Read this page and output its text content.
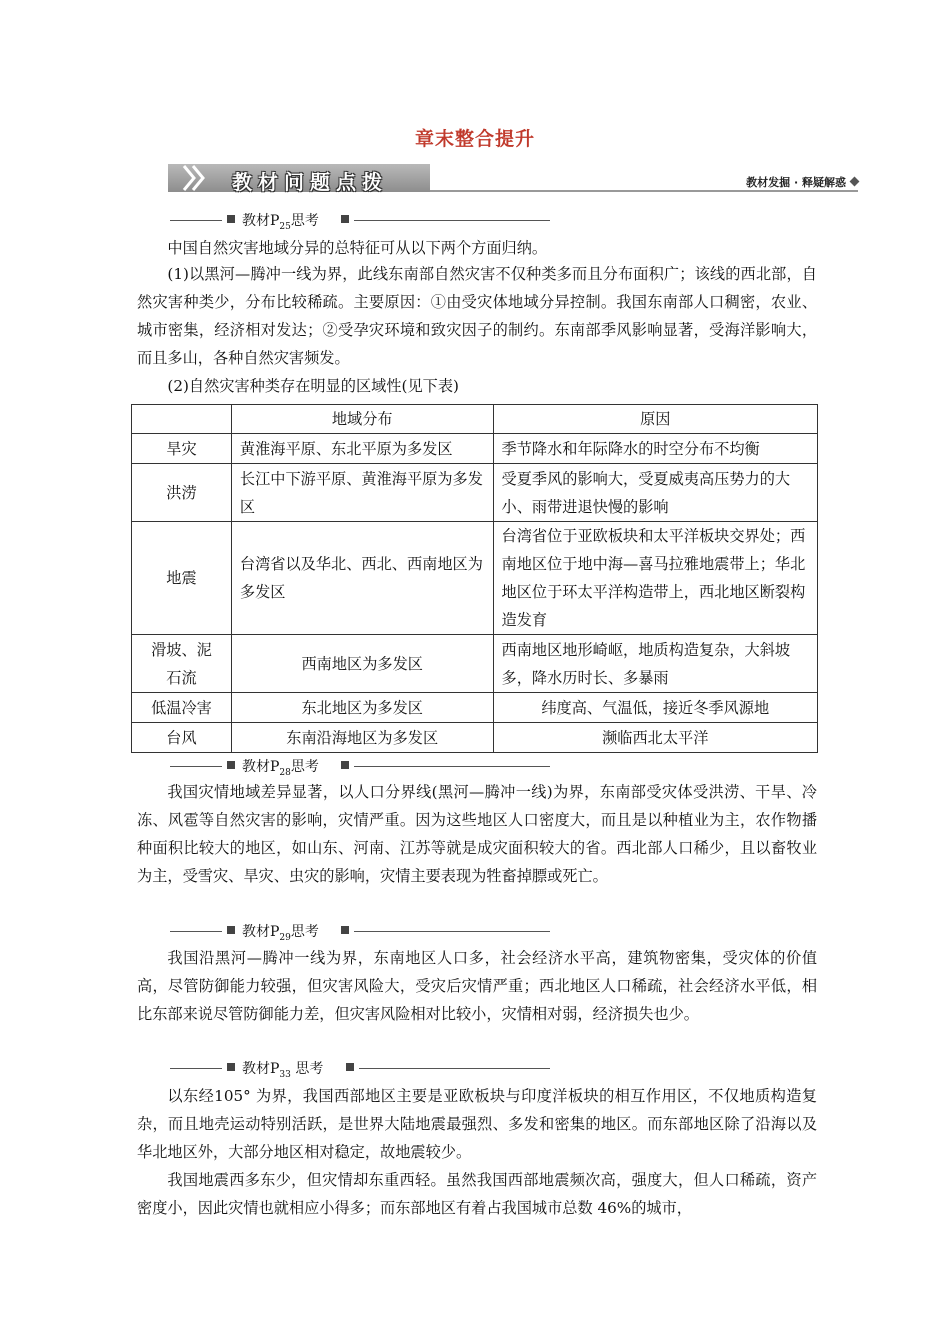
章末整合提升
教材问题点拨	教材发掘 · 释疑解惑
教材$P_{25}$思考
中国自然灾害地域分异的总特征可从以下两个方面归纳。
(1)以黑河—腾冲一线为界，此线东南部自然灾害不仅种类多而且分布面积广；该线的西北部，自然灾害种类少，分布比较稀疏。主要原因：①由受灾体地域分异控制。我国东南部人口稠密，农业、城市密集，经济相对发达；②受孕灾环境和致灾因子的制约。东南部季风影响显著，受海洋影响大，而且多山，各种自然灾害频发。
(2)自然灾害种类存在明显的区域性(见下表)
	地域分布	原因
旱灾	黄淮海平原、东北平原为多发区	季节降水和年际降水的时空分布不均衡
洪涝	长江中下游平原、黄淮海平原为多发区	受夏季风的影响大，受夏威夷高压势力的大小、雨带进退快慢的影响
地震	台湾省以及华北、西北、西南地区为多发区	台湾省位于亚欧板块和太平洋板块交界处；西南地区位于地中海—喜马拉雅地震带上；华北地区位于环太平洋构造带上，西北地区断裂构造发育
滑坡、泥石流	西南地区为多发区	西南地区地形崎岖，地质构造复杂，大斜坡多，降水历时长、多暴雨
低温冷害	东北地区为多发区	纬度高、气温低，接近冬季风源地
台风	东南沿海地区为多发区	濒临西北太平洋
教材$P_{28}$思考
我国灾情地域差异显著，以人口分界线(黑河—腾冲一线)为界，东南部受灾体受洪涝、干旱、冷冻、风雹等自然灾害的影响，灾情严重。因为这些地区人口密度大，而且是以种植业为主，农作物播种面积比较大的地区，如山东、河南、江苏等就是成灾面积较大的省。西北部人口稀少，且以畜牧业为主，受雪灾、旱灾、虫灾的影响，灾情主要表现为牲畜掉膘或死亡。
教材$P_{29}$思考
我国沿黑河—腾冲一线为界，东南地区人口多，社会经济水平高，建筑物密集，受灾体的价值高，尽管防御能力较强，但灾害风险大，受灾后灾情严重；西北地区人口稀疏，社会经济水平低，相比东部来说尽管防御能力差，但灾害风险相对比较小，灾情相对弱，经济损失也少。
教材$P_{33}$ 思考
以东经105° 为界，我国西部地区主要是亚欧板块与印度洋板块的相互作用区，不仅地质构造复杂，而且地壳运动特别活跃，是世界大陆地震最强烈、多发和密集的地区。而东部地区除了沿海以及华北地区外，大部分地区相对稳定，故地震较少。
我国地震西多东少，但灾情却东重西轻。虽然我国西部地震频次高，强度大，但人口稀疏，资产密度小，因此灾情也就相应小得多；而东部地区有着占我国城市总数 46%的城市，
